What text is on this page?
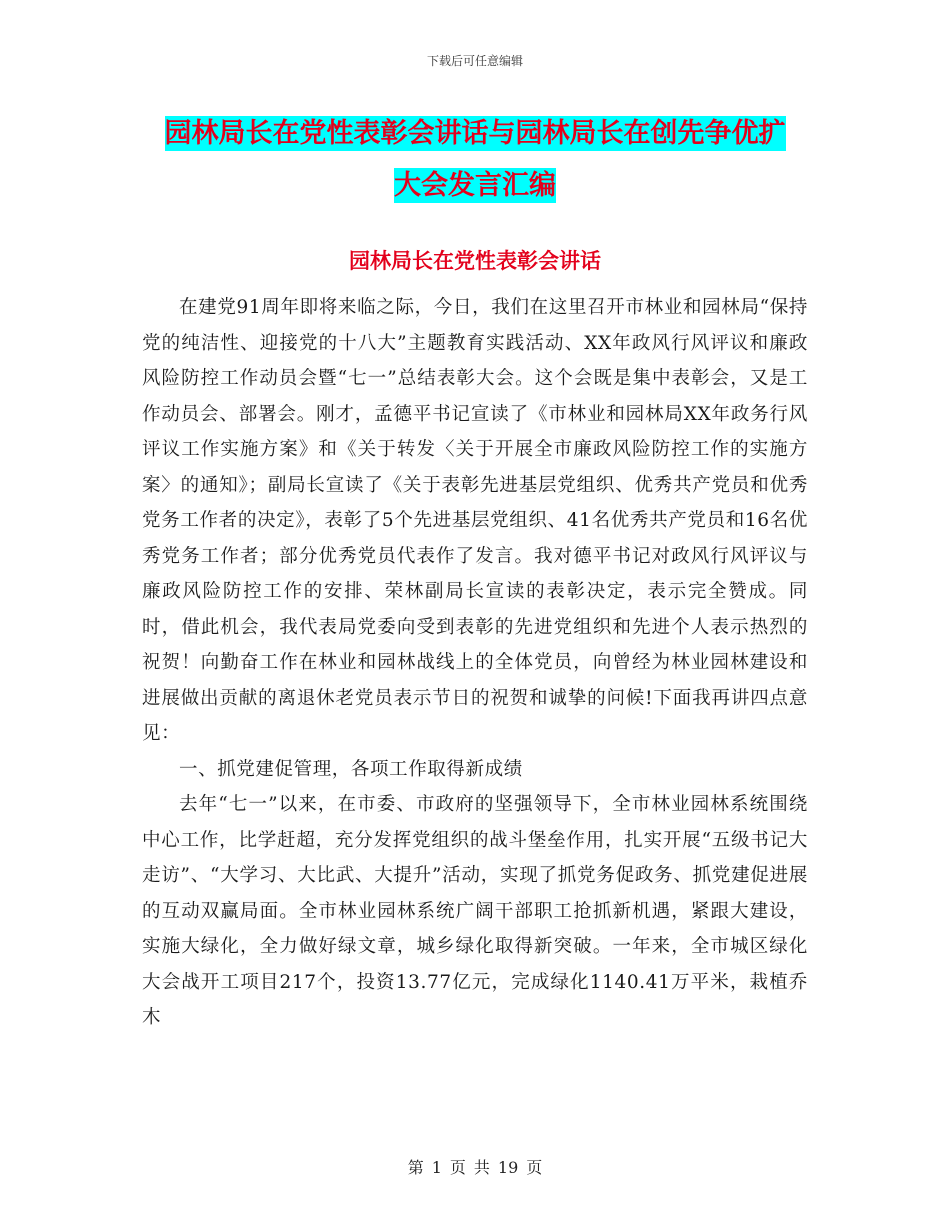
下载后可任意编辑
园林局长在党性表彰会讲话与园林局长在创先争优扩
大会发言汇编
园林局长在党性表彰会讲话

在建党91周年即将来临之际，今日，我们在这里召开市林业和园林局“保持党的纯洁性、迎接党的十八大”主题教育实践活动、XX年政风行风评议和廉政风险防控工作动员会暨“七一”总结表彰大会。这个会既是集中表彰会，又是工作动员会、部署会。刚才，孟德平书记宣读了《市林业和园林局XX年政务行风评议工作实施方案》和《关于转发〈关于开展全市廉政风险防控工作的实施方案〉的通知》；副局长宣读了《关于表彰先进基层党组织、优秀共产党员和优秀党务工作者的决定》，表彰了5个先进基层党组织、41名优秀共产党员和16名优秀党务工作者；部分优秀党员代表作了发言。我对德平书记对政风行风评议与廉政风险防控工作的安排、荣林副局长宣读的表彰决定，表示完全赞成。同时，借此机会，我代表局党委向受到表彰的先进党组织和先进个人表示热烈的祝贺！向勤奋工作在林业和园林战线上的全体党员，向曾经为林业园林建设和进展做出贡献的离退休老党员表示节日的祝贺和诚挚的问候!下面我再讲四点意见：

一、抓党建促管理，各项工作取得新成绩

去年“七一”以来，在市委、市政府的坚强领导下，全市林业园林系统围绕中心工作，比学赶超，充分发挥党组织的战斗堡垒作用，扎实开展“五级书记大走访”、“大学习、大比武、大提升”活动，实现了抓党务促政务、抓党建促进展的互动双赢局面。全市林业园林系统广阔干部职工抢抓新机遇，紧跟大建设，实施大绿化，全力做好绿文章，城乡绿化取得新突破。一年来，全市城区绿化大会战开工项目217个，投资13.77亿元，完成绿化1140.41万平米，栽植乔木

第 1 页 共 19 页
